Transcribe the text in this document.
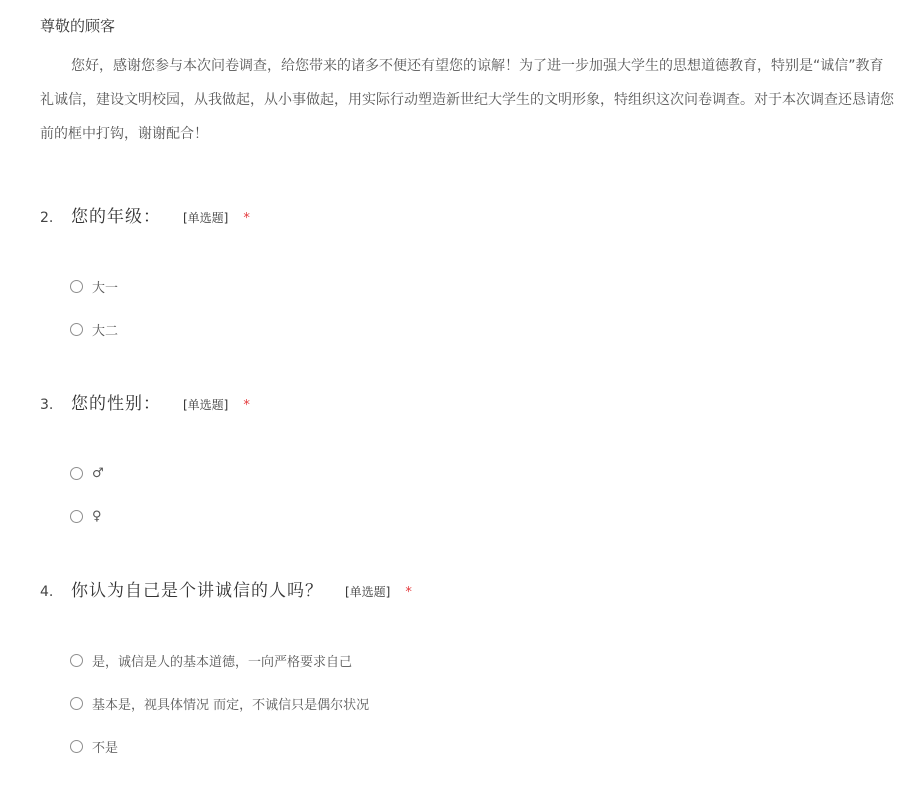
尊敬的顾客
您好，感谢您参与本次问卷调查，给您带来的诸多不便还有望您的谅解！为了进一步加强大学生的思想道德教育，特别是“诚信”教育
礼诚信，建设文明校园，从我做起，从小事做起，用实际行动塑造新世纪大学生的文明形象，特组织这次问卷调查。对于本次调查还恳请您
前的框中打钩，谢谢配合！
2.	您的年级： [单选题] *
大一
大二
3.	您的性别： [单选题] *
♂
♀
4.	你认为自己是个讲诚信的人吗？ [单选题] *
是，诚信是人的基本道德，一向严格要求自己
基本是，视具体情况 而定，不诚信只是偶尔状况
不是
